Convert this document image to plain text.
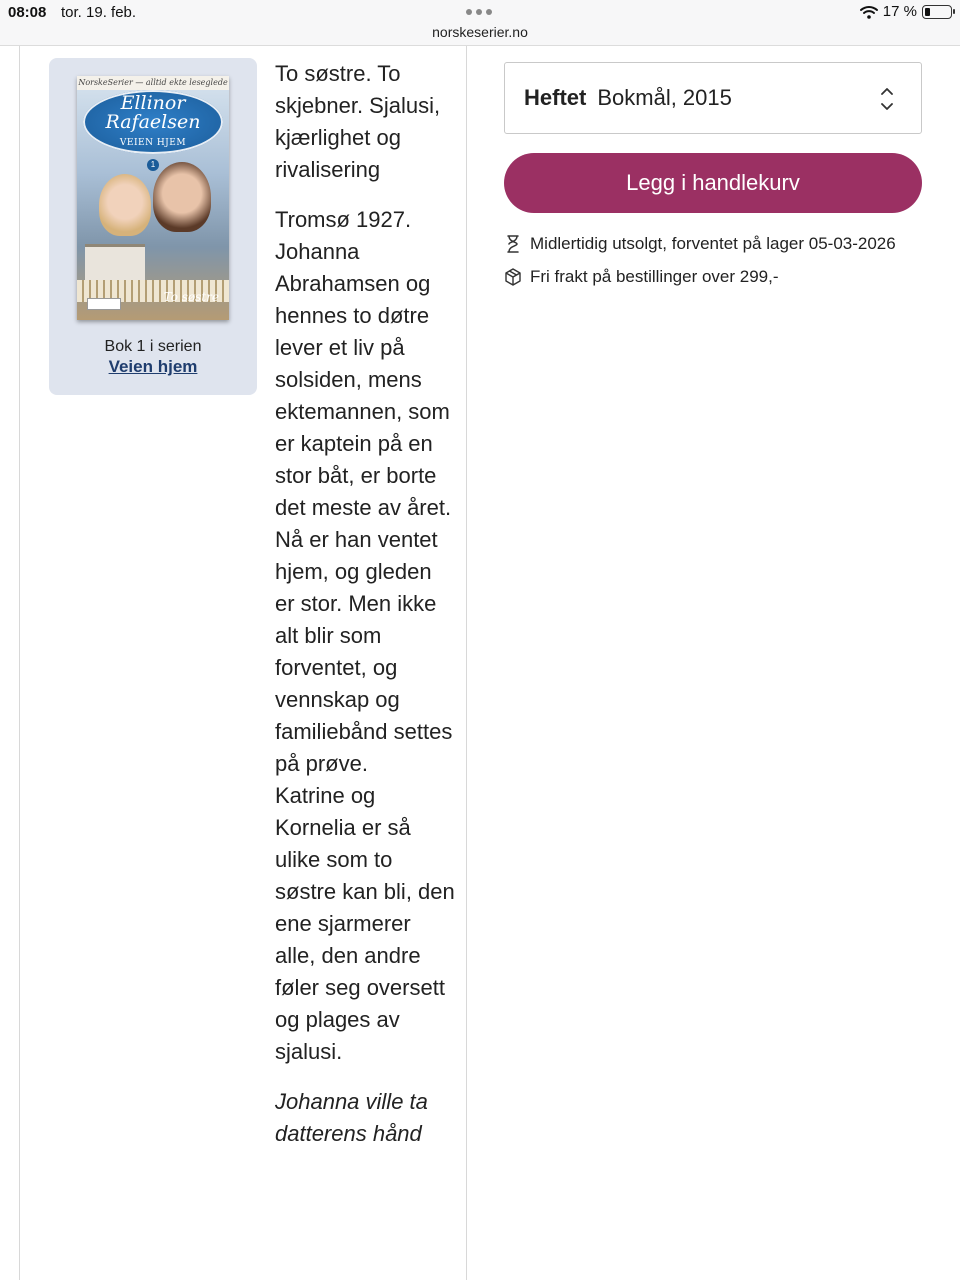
08:08 tor. 19. feb.
norskeserier.no
17 %
NorskeSerier — alltid ekte lesеglede
Ellinor Rafaelsen
VEIEN HJEM
1
To søstre
Bok 1 i serien
Veien hjem

To søstre. To skjebner. Sjalusi, kjærlighet og rivalisering

Tromsø 1927. Johanna Abrahamsen og hennes to døtre lever et liv på solsiden, mens ektemannen, som er kaptein på en stor båt, er borte det meste av året. Nå er han ventet hjem, og gleden er stor. Men ikke alt blir som forventet, og vennskap og familiebånd settes på prøve.

Katrine og Kornelia er så ulike som to søstre kan bli, den ene sjarmerer alle, den andre føler seg oversett og plages av sjalusi.

Johanna ville ta datterens hånd

Heftet Bokmål, 2015
Legg i handlekurv
Midlertidig utsolgt, forventet på lager 05-03-2026
Fri frakt på bestillinger over 299,-
